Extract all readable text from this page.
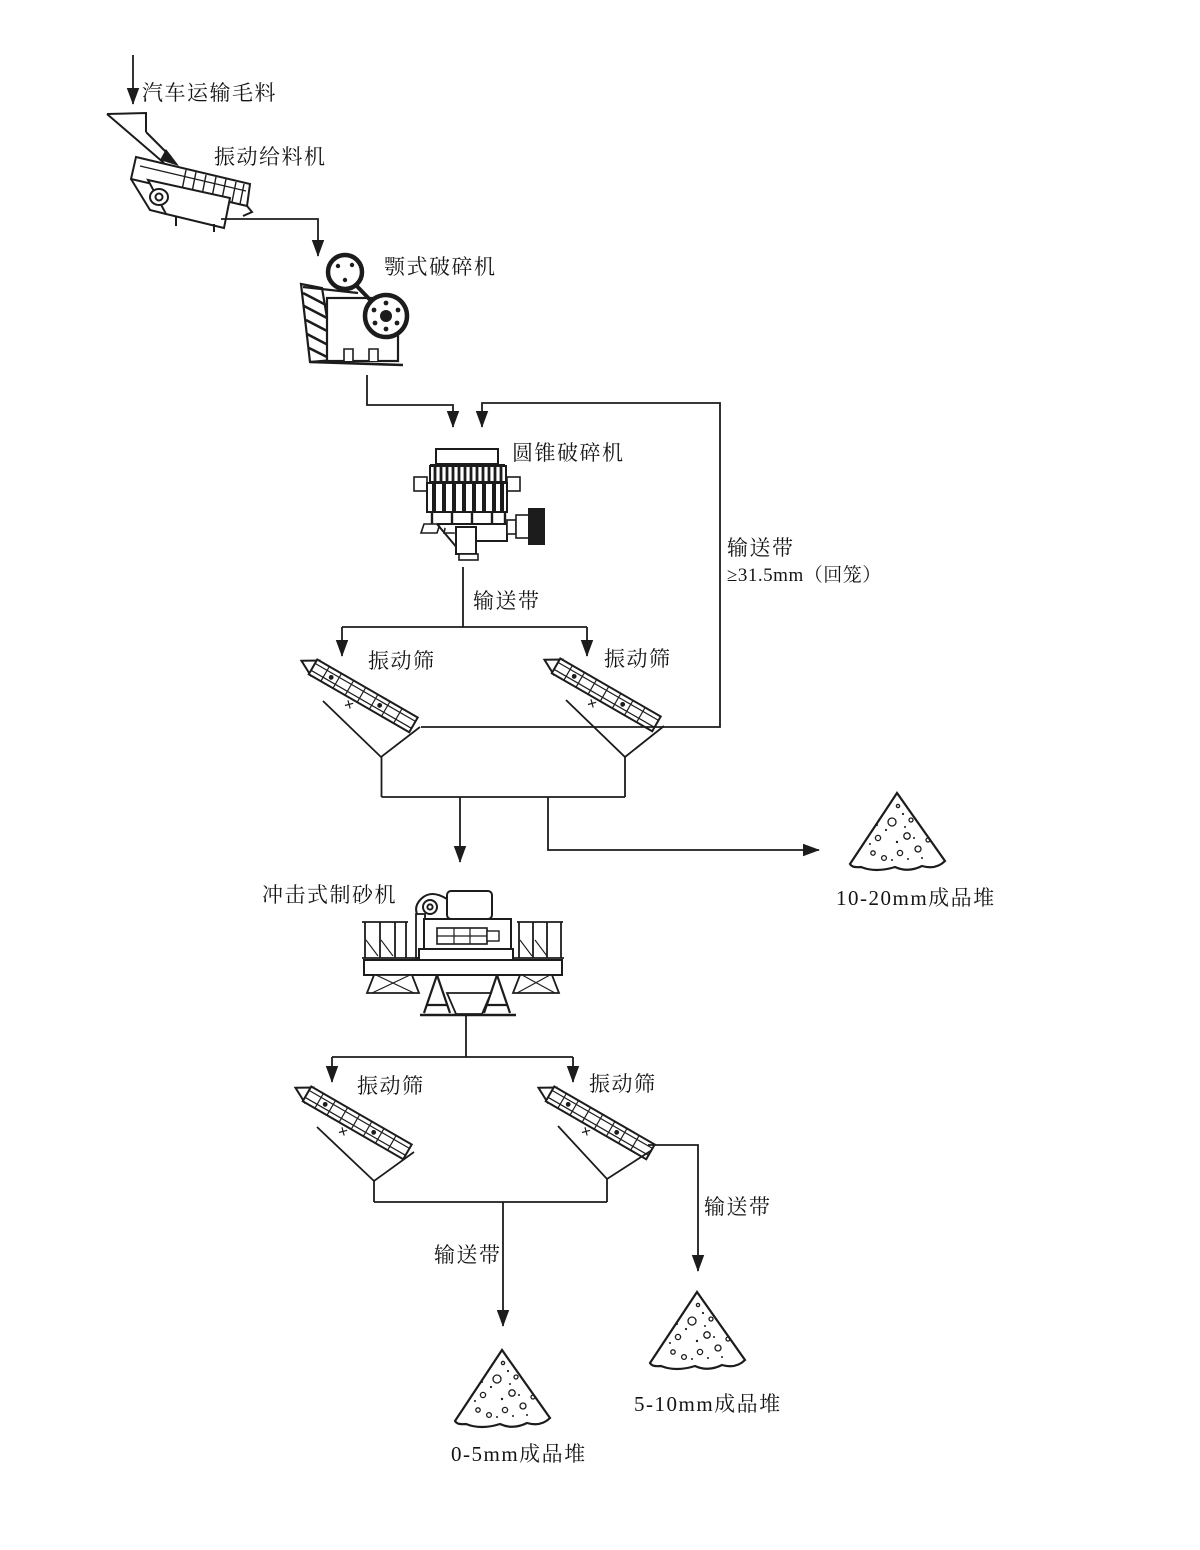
汽车运输毛料
振动给料机
颚式破碎机
圆锥破碎机
输送带
输送带
≥31.5mm（回笼）
振动筛	振动筛
10-20mm成品堆
冲击式制砂机
振动筛	振动筛
输送带
输送带
5-10mm成品堆
0-5mm成品堆
